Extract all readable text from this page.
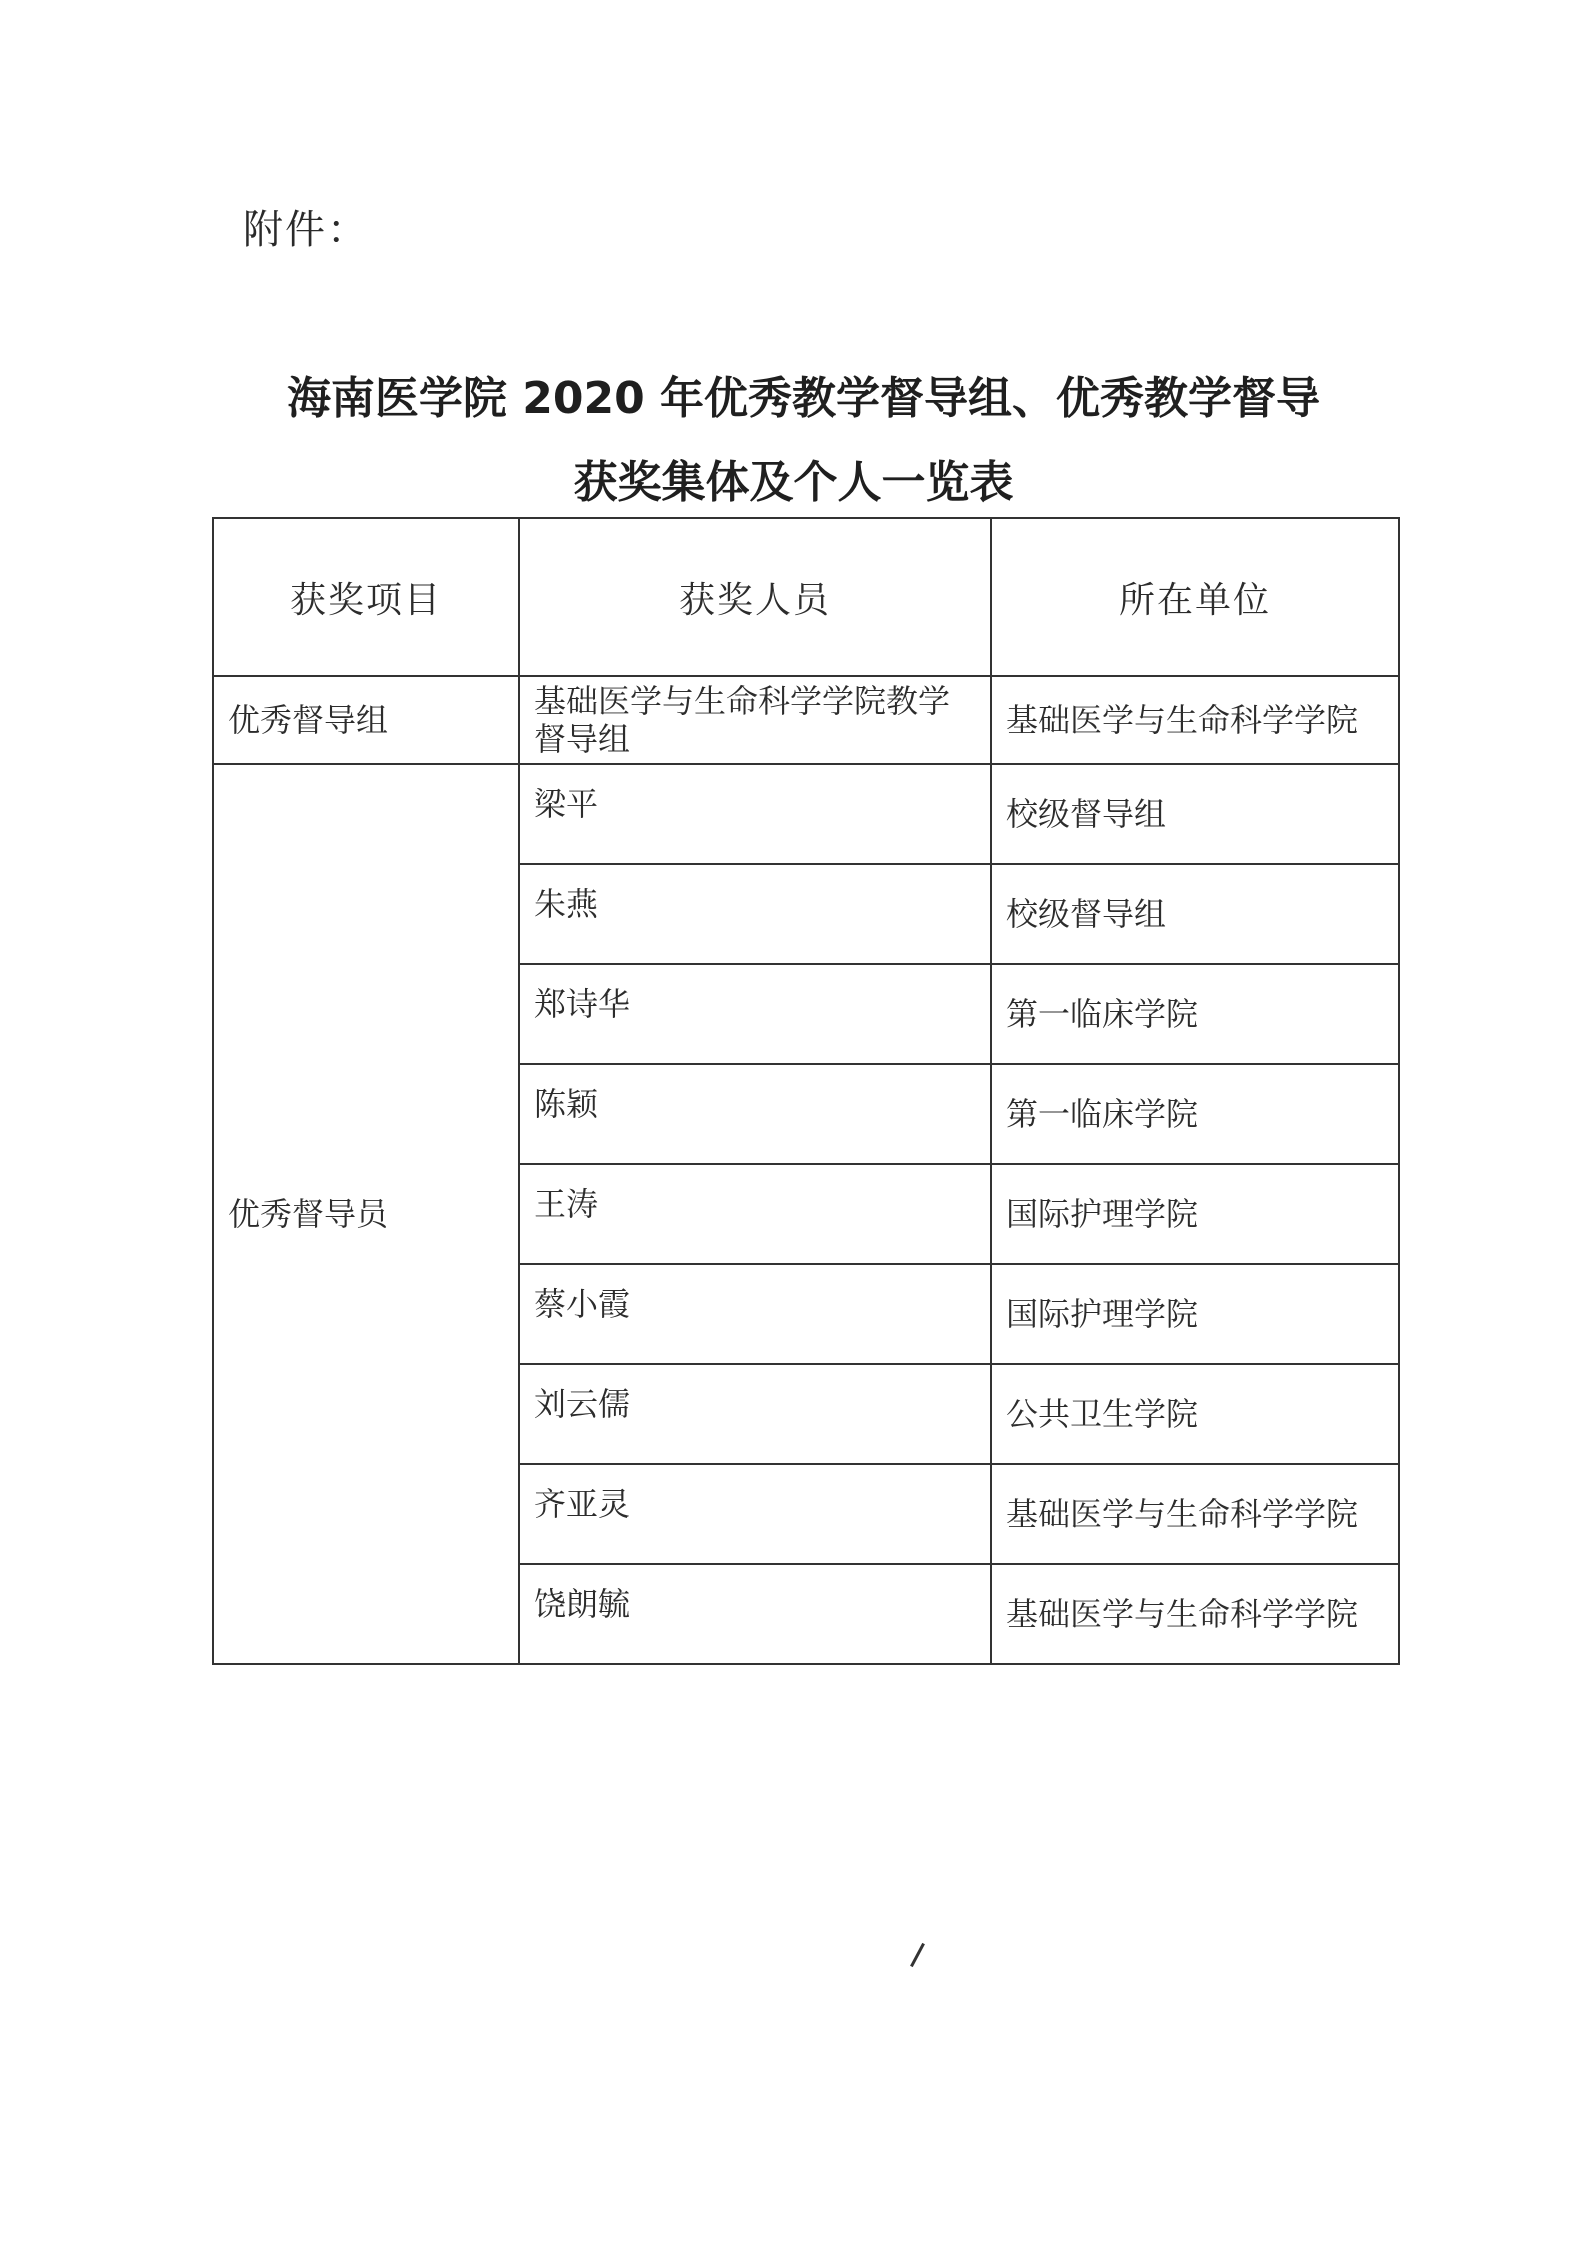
附件：
海南医学院 2020 年优秀教学督导组、优秀教学督导
获奖集体及个人一览表
获奖项目	获奖人员	所在单位
优秀督导组	基础医学与生命科学学院教学督导组	基础医学与生命科学学院
优秀督导员	梁平	校级督导组
	朱燕	校级督导组
	郑诗华	第一临床学院
	陈颖	第一临床学院
	王涛	国际护理学院
	蔡小霞	国际护理学院
	刘云儒	公共卫生学院
	齐亚灵	基础医学与生命科学学院
	饶朗毓	基础医学与生命科学学院
